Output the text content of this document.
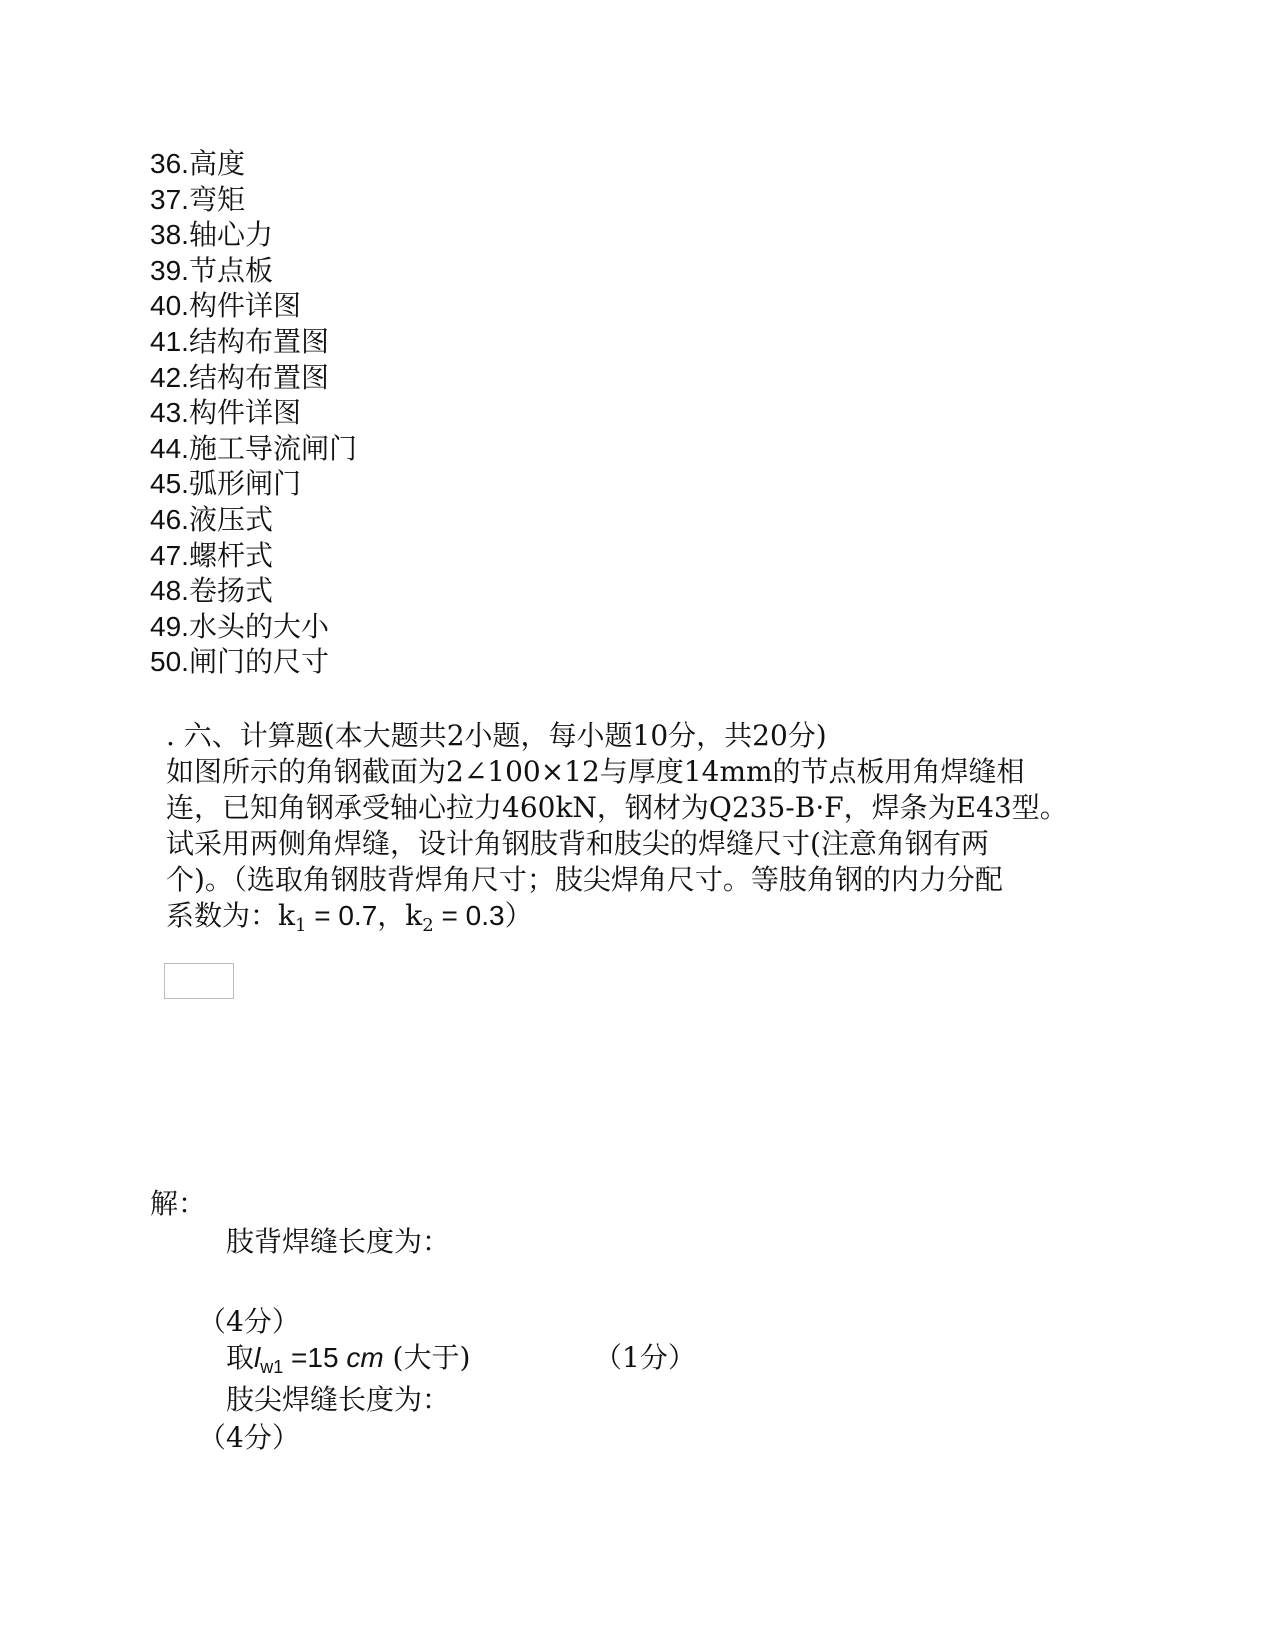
36.高度
37.弯矩
38.轴心力
39.节点板
40.构件详图
41.结构布置图
42.结构布置图
43.构件详图
44.施工导流闸门
45.弧形闸门
46.液压式
47.螺杆式
48.卷扬式
49.水头的大小
50.闸门的尺寸

. 六、计算题(本大题共2小题，每小题10分，共20分)

如图所示的角钢截面为2∠100×12与厚度14mm的节点板用角焊缝相

连，已知角钢承受轴心拉力460kN，钢材为Q235-B·F，焊条为E43型。

试采用两侧角焊缝，设计角钢肢背和肢尖的焊缝尺寸(注意角钢有两

个)。（选取角钢肢背焊角尺寸；肢尖焊角尺寸。等肢角钢的内力分配

系数为：$k_1 = 0.7$，$k_2 = 0.3$）

解：
肢背焊缝长度为：
（4分）
取$l_{w1} =15$ cm (大于)	（1分）
肢尖焊缝长度为：
（4分）
